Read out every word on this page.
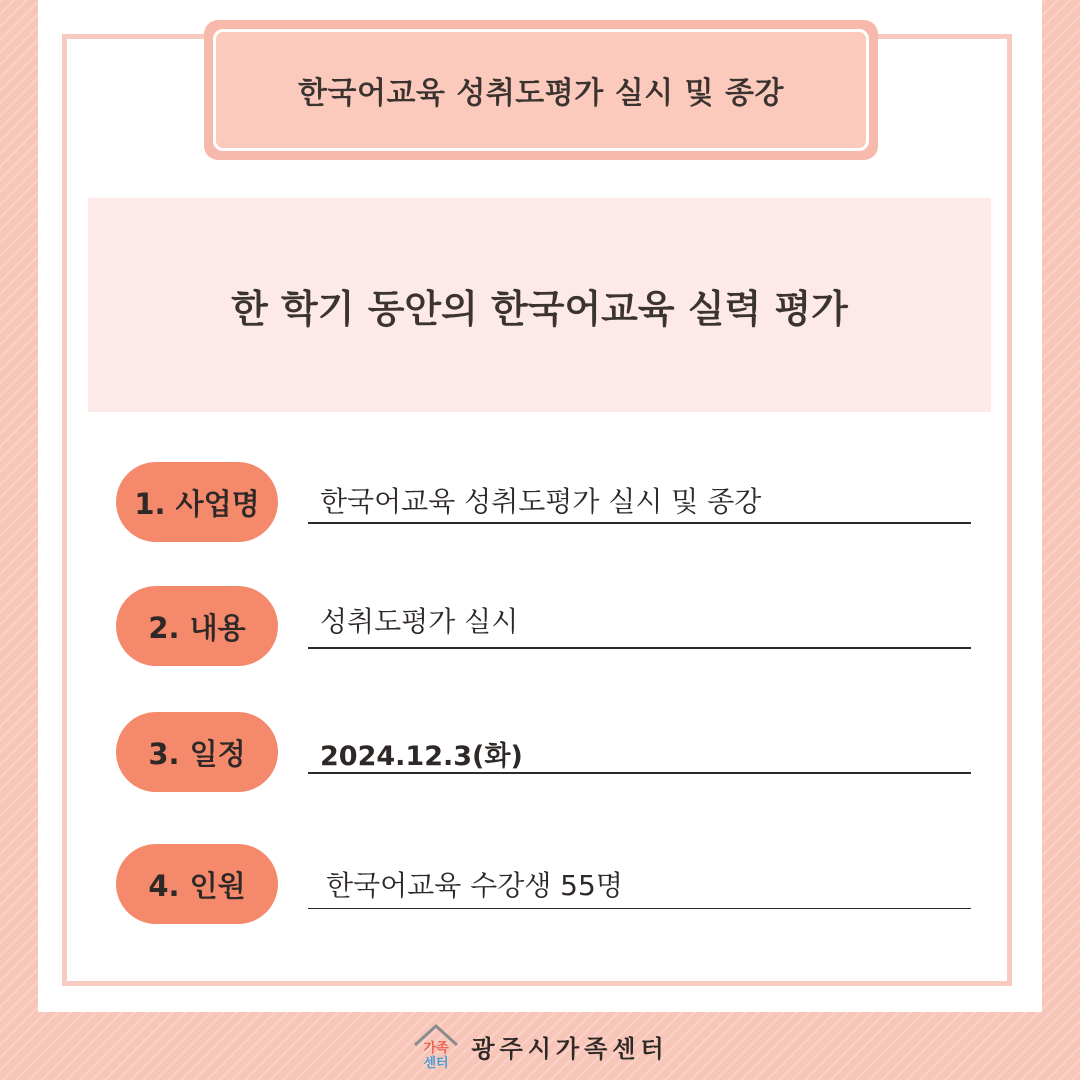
한국어교육 성취도평가 실시 및 종강
한 학기 동안의 한국어교육 실력 평가
1. 사업명	한국어교육 성취도평가 실시 및 종강
2. 내용	성취도평가 실시
3. 일정	2024.12.3(화)
4. 인원	한국어교육 수강생 55명
가족
센터
광주시가족센터
